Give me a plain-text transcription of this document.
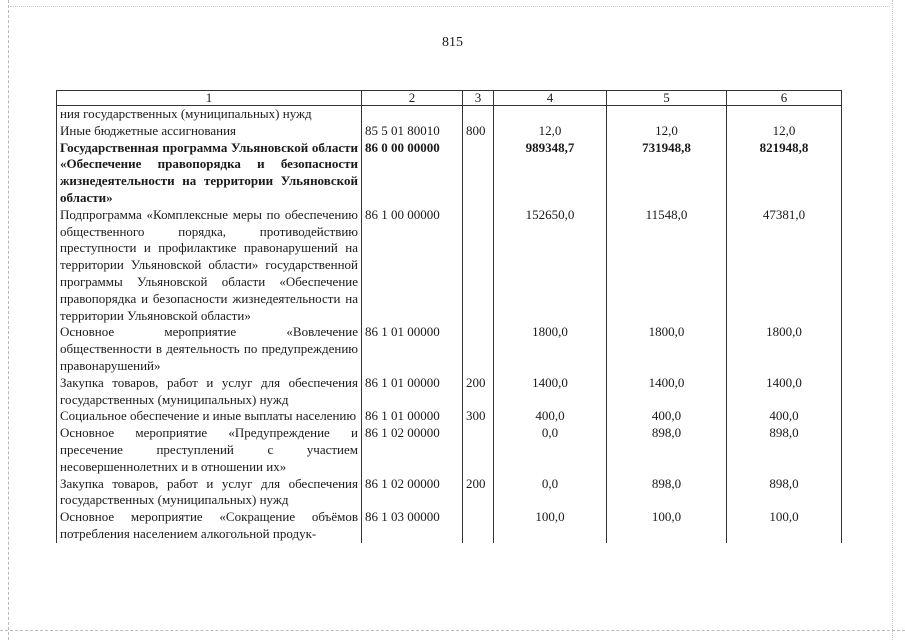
815
1	2	3	4	5	6
ния государственных (муниципальных) нужд					
Иные бюджетные ассигнования	85 5 01 80010	800	12,0	12,0	12,0
Государственная программа Ульяновской области «Обеспечение правопорядка и безопасности жизнедеятельности на территории Ульяновской области»	86 0 00 00000		989348,7	731948,8	821948,8
Подпрограмма «Комплексные меры по обеспечению общественного порядка, противодействию преступности и профилактике правонарушений на территории Ульяновской области» государственной программы Ульяновской области «Обеспечение правопорядка и безопасности жизнедеятельности на территории Ульяновской области»	86 1 00 00000		152650,0	11548,0	47381,0
Основное мероприятие «Вовлечение общественности в деятельность по предупреждению правонарушений»	86 1 01 00000		1800,0	1800,0	1800,0
Закупка товаров, работ и услуг для обеспечения государственных (муниципальных) нужд	86 1 01 00000	200	1400,0	1400,0	1400,0
Социальное обеспечение и иные выплаты населению	86 1 01 00000	300	400,0	400,0	400,0
Основное мероприятие «Предупреждение и пресечение преступлений с участием несовершеннолетних и в отношении их»	86 1 02 00000		0,0	898,0	898,0
Закупка товаров, работ и услуг для обеспечения государственных (муниципальных) нужд	86 1 02 00000	200	0,0	898,0	898,0
Основное мероприятие «Сокращение объёмов потребления населением алкогольной продук-	86 1 03 00000		100,0	100,0	100,0
